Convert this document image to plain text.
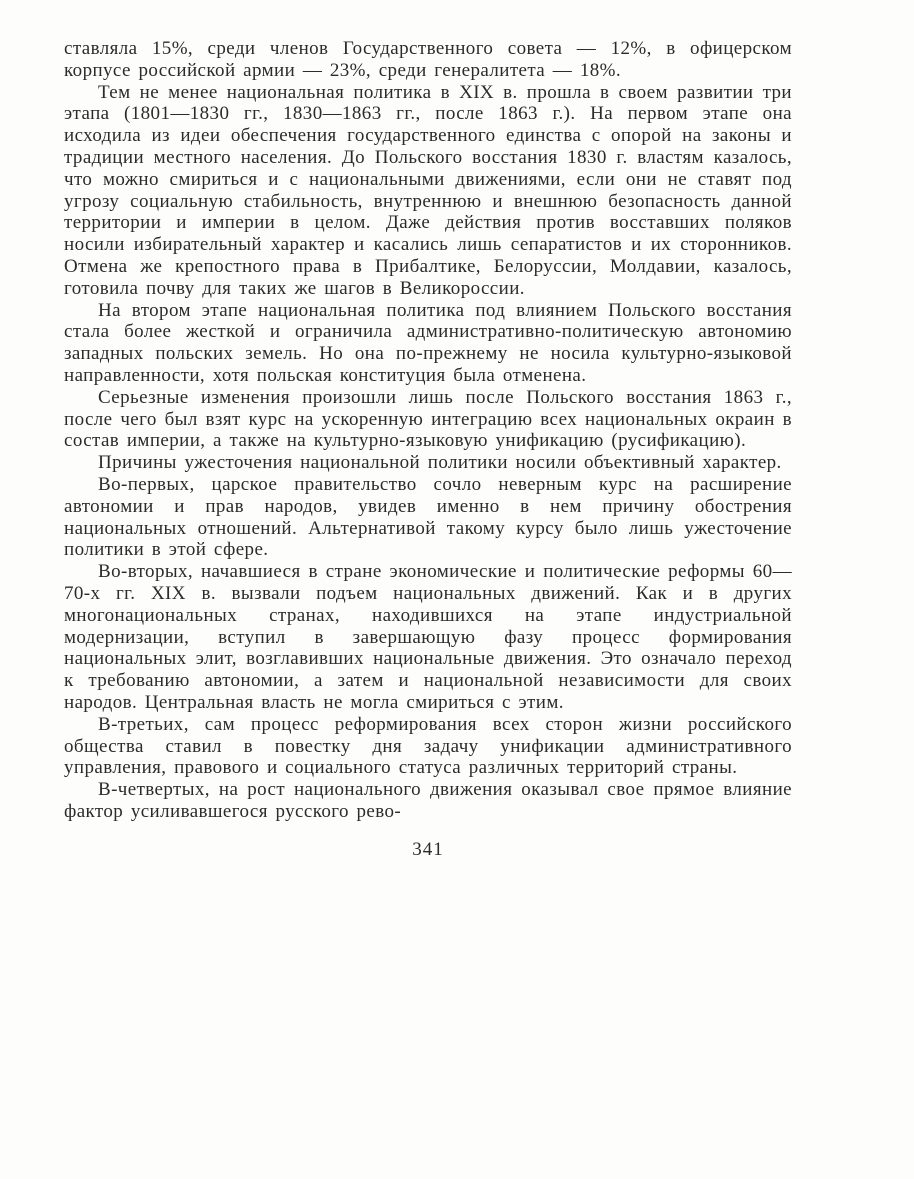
ставляла 15%, среди членов Государственного совета — 12%, в офицерском корпусе российской армии — 23%, среди генералитета — 18%.

Тем не менее национальная политика в XIX в. прошла в своем развитии три этапа (1801—1830 гг., 1830—1863 гг., после 1863 г.). На первом этапе она исходила из идеи обеспечения государственного единства с опорой на законы и традиции местного населения. До Польского восстания 1830 г. властям казалось, что можно смириться и с национальными движениями, если они не ставят под угрозу социальную стабильность, внутреннюю и внешнюю безопасность данной территории и империи в целом. Даже действия против восставших поляков носили избирательный характер и касались лишь сепаратистов и их сторонников. Отмена же крепостного права в Прибалтике, Белоруссии, Молдавии, казалось, готовила почву для таких же шагов в Великороссии.

На втором этапе национальная политика под влиянием Польского восстания стала более жесткой и ограничила административно-политическую автономию западных польских земель. Но она по-прежнему не носила культурно-языковой направленности, хотя польская конституция была отменена.

Серьезные изменения произошли лишь после Польского восстания 1863 г., после чего был взят курс на ускоренную интеграцию всех национальных окраин в состав империи, а также на культурно-языковую унификацию (русификацию).

Причины ужесточения национальной политики носили объективный характер.

Во-первых, царское правительство сочло неверным курс на расширение автономии и прав народов, увидев именно в нем причину обострения национальных отношений. Альтернативой такому курсу было лишь ужесточение политики в этой сфере.

Во-вторых, начавшиеся в стране экономические и политические реформы 60—70-х гг. XIX в. вызвали подъем национальных движений. Как и в других многонациональных странах, находившихся на этапе индустриальной модернизации, вступил в завершающую фазу процесс формирования национальных элит, возглавивших национальные движения. Это означало переход к требованию автономии, а затем и национальной независимости для своих народов. Центральная власть не могла смириться с этим.

В-третьих, сам процесс реформирования всех сторон жизни российского общества ставил в повестку дня задачу унификации административного управления, правового и социального статуса различных территорий страны.

В-четвертых, на рост национального движения оказывал свое прямое влияние фактор усиливавшегося русского рево-

341
